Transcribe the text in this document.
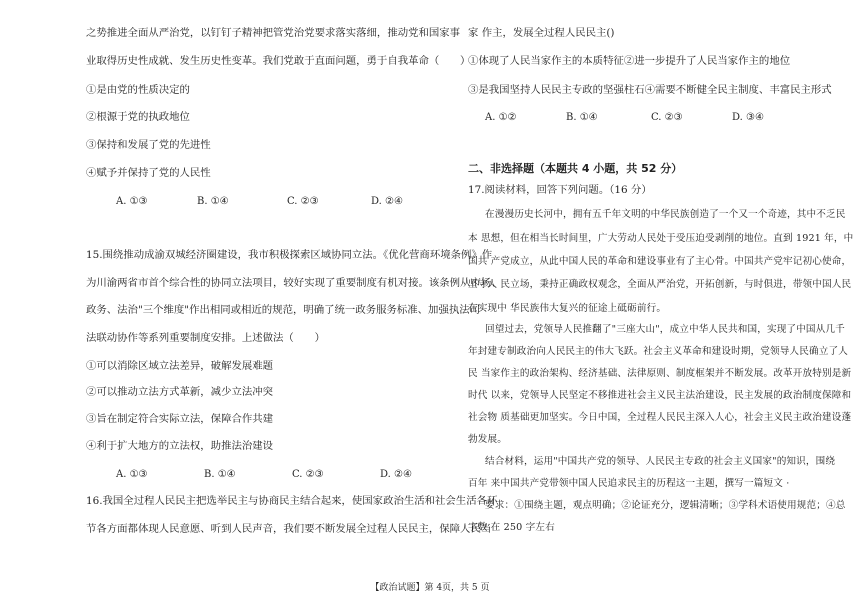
之势推进全面从严治党，以钉钉子精神把管党治党要求落实落细，推动党和国家事
业取得历史性成就、发生历史性变革。我们党敢于直面问题，勇于自我革命（　　）
①是由党的性质决定的
②根源于党的执政地位
③保持和发展了党的先进性
④赋予并保持了党的人民性
A. ①③	B. ①④	C. ②③	D. ②④
15.围绕推动成渝双城经济圈建设，我市积极探索区域协同立法。《优化营商环境条例》作
为川渝两省市首个综合性的协同立法项目，较好实现了重要制度有机对接。该条例从市场、
政务、法治"三个维度"作出相同或相近的规范，明确了统一政务服务标准、加强执法司
法联动协作等系列重要制度安排。上述做法（　　）
①可以消除区域立法差异，破解发展难题
②可以推动立法方式革新，减少立法冲突
③旨在制定符合实际立法，保障合作共建
④利于扩大地方的立法权，助推法治建设
A. ①③	B. ①④	C. ②③	D. ②④
16.我国全过程人民民主把选举民主与协商民主结合起来，使国家政治生活和社会生活各环
节各方面都体现人民意愿、听到人民声音，我们要不断发展全过程人民民主，保障人民当
家 作主，发展全过程人民民主()
①体现了人民当家作主的本质特征②进一步提升了人民当家作主的地位
③是我国坚持人民民主专政的坚强柱石④需要不断健全民主制度、丰富民主形式
A. ①②	B. ①④	C. ②③	D. ③④
二、非选择题（本题共 4 小题，共 52 分）
17.阅读材料，回答下列问题。（16 分）
在漫漫历史长河中，拥有五千年文明的中华民族创造了一个又一个奇迹，其中不乏民
本 思想，但在相当长时间里，广大劳动人民处于受压迫受剥削的地位。直到 1921 年，中
国共 产党成立，从此中国人民的革命和建设事业有了主心骨。中国共产党牢记初心使命，
坚守人 民立场，秉持正确政权观念，全面从严治党，开拓创新，与时俱进，带领中国人民
在实现中 华民族伟大复兴的征途上砥砺前行。
回望过去，党领导人民推翻了"三座大山"，成立中华人民共和国，实现了中国从几千
年封建专制政治向人民民主的伟大飞跃。社会主义革命和建设时期，党领导人民确立了人
民 当家作主的政治架构、经济基础、法律原则、制度框架并不断发展。改革开放特别是新
时代 以来，党领导人民坚定不移推进社会主义民主法治建设，民主发展的政治制度保障和
社会物 质基础更加坚实。今日中国，全过程人民民主深入人心，社会主义民主政治建设蓬
勃发展。
结合材料，运用"中国共产党的领导、人民民主专政的社会主义国家"的知识，围绕
百年 来中国共产党带领中国人民追求民主的历程这一主题，撰写一篇短文 ·
要求：①围绕主题，观点明确；②论证充分，逻辑清晰；③学科术语使用规范；④总
字数 在 250 字左右
【政治试题】第 4页，共 5 页
